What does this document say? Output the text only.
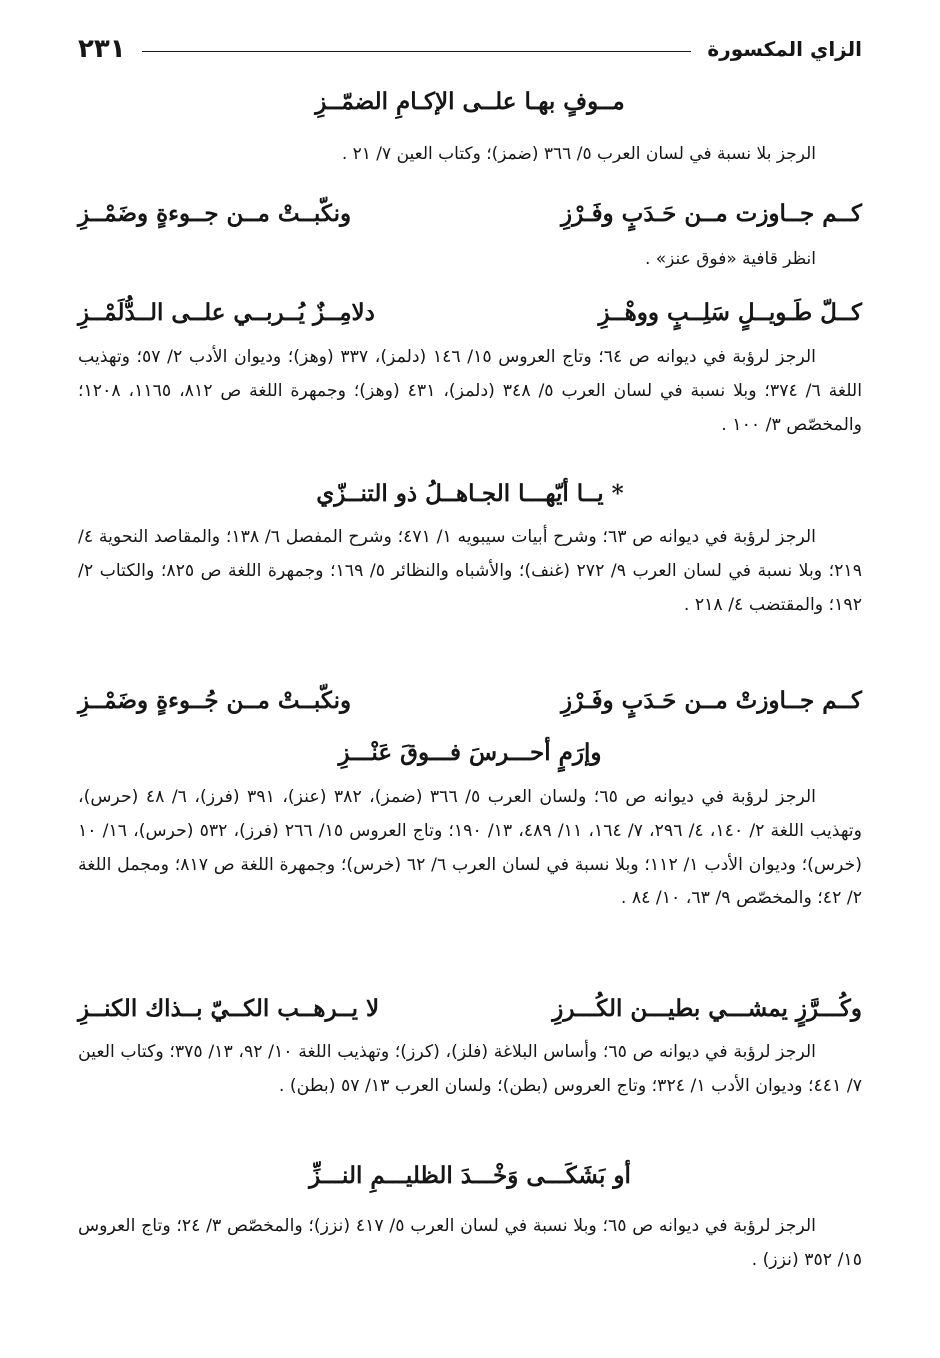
الزاي المكسورة
٢٣١
مــوفٍ بهـا علــى الإكـامِ الضمّــزِ
الرجز بلا نسبة في لسان العرب ٥/ ٣٦٦ (ضمز)؛ وكتاب العين ٧/ ٢١ .
كــم جــاوزت مــن حَـدَبٍ وفَـرْزِ
ونكّبــتْ مــن جــوءةٍ وضَمْــزِ
انظر قافية «فوق عنز» .
كــلّ طَـويــلٍ سَلِــبٍ ووهْــزِ
دلامِــزٌ يُــربــي علــى الــدُّلَمْــزِ
الرجز لرؤبة في ديوانه ص ٦٤؛ وتاج العروس ١٥/ ١٤٦ (دلمز)، ٣٣٧ (وهز)؛ وديوان الأدب ٢/ ٥٧؛ وتهذيب اللغة ٦/ ٣٧٤؛ وبلا نسبة في لسان العرب ٥/ ٣٤٨ (دلمز)، ٤٣١ (وهز)؛ وجمهرة اللغة ص ٨١٢، ١١٦٥، ١٢٠٨؛ والمخصّص ٣/ ١٠٠ .
* يــا أيّهـــا الجـاهــلُ ذو التنــزّي
الرجز لرؤبة في ديوانه ص ٦٣؛ وشرح أبيات سيبويه ١/ ٤٧١؛ وشرح المفصل ٦/ ١٣٨؛ والمقاصد النحوية ٤/ ٢١٩؛ وبلا نسبة في لسان العرب ٩/ ٢٧٢ (غنف)؛ والأشباه والنظائر ٥/ ١٦٩؛ وجمهرة اللغة ص ٨٢٥؛ والكتاب ٢/ ١٩٢؛ والمقتضب ٤/ ٢١٨ .
كــم جــاوزتْ مــن حَـدَبٍ وفَـرْزِ
ونكّبــتْ مــن جُــوءةٍ وضَمْــزِ
وإرَمٍ أحـــرسَ فـــوقَ عَنْـــزِ
الرجز لرؤبة في ديوانه ص ٦٥؛ ولسان العرب ٥/ ٣٦٦ (ضمز)، ٣٨٢ (عنز)، ٣٩١ (فرز)، ٦/ ٤٨ (حرس)، وتهذيب اللغة ٢/ ١٤٠، ٤/ ٢٩٦، ٧/ ١٦٤، ١١/ ٤٨٩، ١٣/ ١٩٠؛ وتاج العروس ١٥/ ٢٦٦ (فرز)، ٥٣٢ (حرس)، ١٦/ ١٠ (خرس)؛ وديوان الأدب ١/ ١١٢؛ وبلا نسبة في لسان العرب ٦/ ٦٢ (خرس)؛ وجمهرة اللغة ص ٨١٧؛ ومجمل اللغة ٢/ ٤٢؛ والمخصّص ٩/ ٦٣، ١٠/ ٨٤ .
وكُـــرَّزٍ يمشـــي بطيـــن الكُـــرزِ
لا يــرهــب الكــيّ بــذاك الكنــزِ
الرجز لرؤبة في ديوانه ص ٦٥؛ وأساس البلاغة (فلز)، (كرز)؛ وتهذيب اللغة ١٠/ ٩٢، ١٣/ ٣٧٥؛ وكتاب العين ٧/ ٤٤١؛ وديوان الأدب ١/ ٣٢٤؛ وتاج العروس (بطن)؛ ولسان العرب ١٣/ ٥٧ (بطن) .
أو بَشَكَـــى وَخْـــدَ الظليـــمِ النـــزِّ
الرجز لرؤبة في ديوانه ص ٦٥؛ وبلا نسبة في لسان العرب ٥/ ٤١٧ (نزز)؛ والمخصّص ٣/ ٢٤؛ وتاج العروس ١٥/ ٣٥٢ (نزز) .
